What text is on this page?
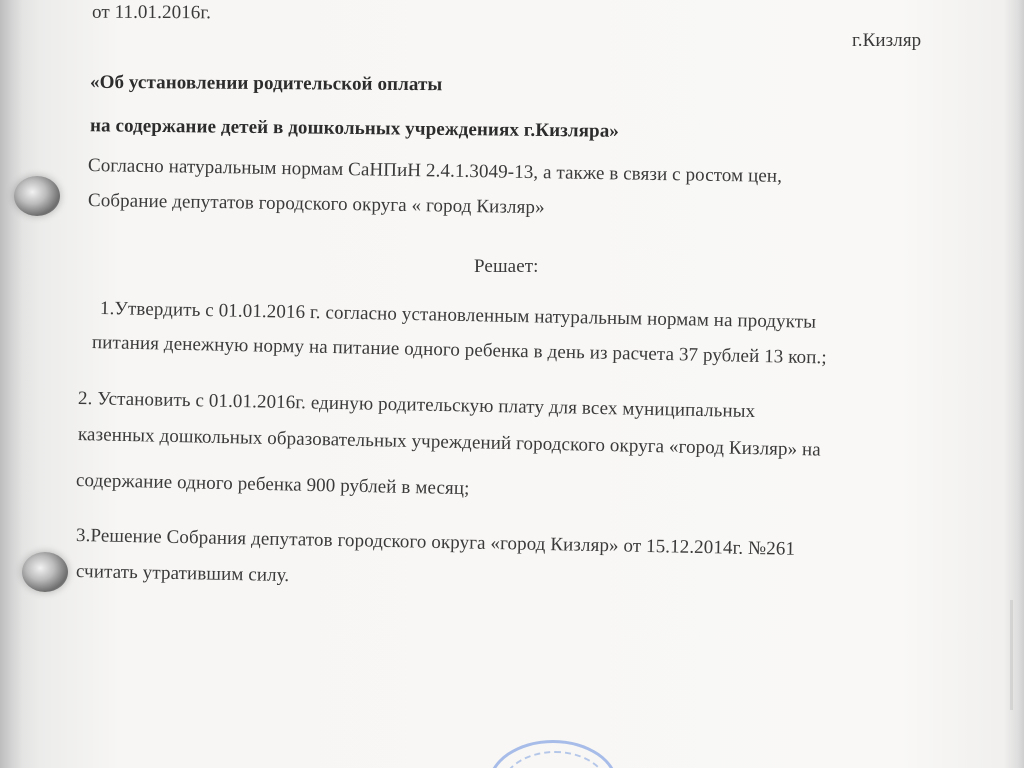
от 11.01.2016г.
г.Кизляр
«Об установлении родительской оплаты
на содержание детей в дошкольных учреждениях г.Кизляра»
Согласно натуральным нормам СаНПиН 2.4.1.3049-13, а также в связи с ростом цен,
Собрание депутатов городского округа « город Кизляр»
Решает:
1.Утвердить с 01.01.2016 г. согласно установленным натуральным нормам на продукты
питания денежную норму на питание одного ребенка в день из расчета 37 рублей 13 коп.;
2. Установить с 01.01.2016г. единую родительскую плату для всех муниципальных
казенных дошкольных образовательных учреждений городского округа «город Кизляр» на
содержание одного ребенка 900 рублей в месяц;
3.Решение Собрания депутатов городского округа «город Кизляр» от 15.12.2014г. №261
считать утратившим силу.
